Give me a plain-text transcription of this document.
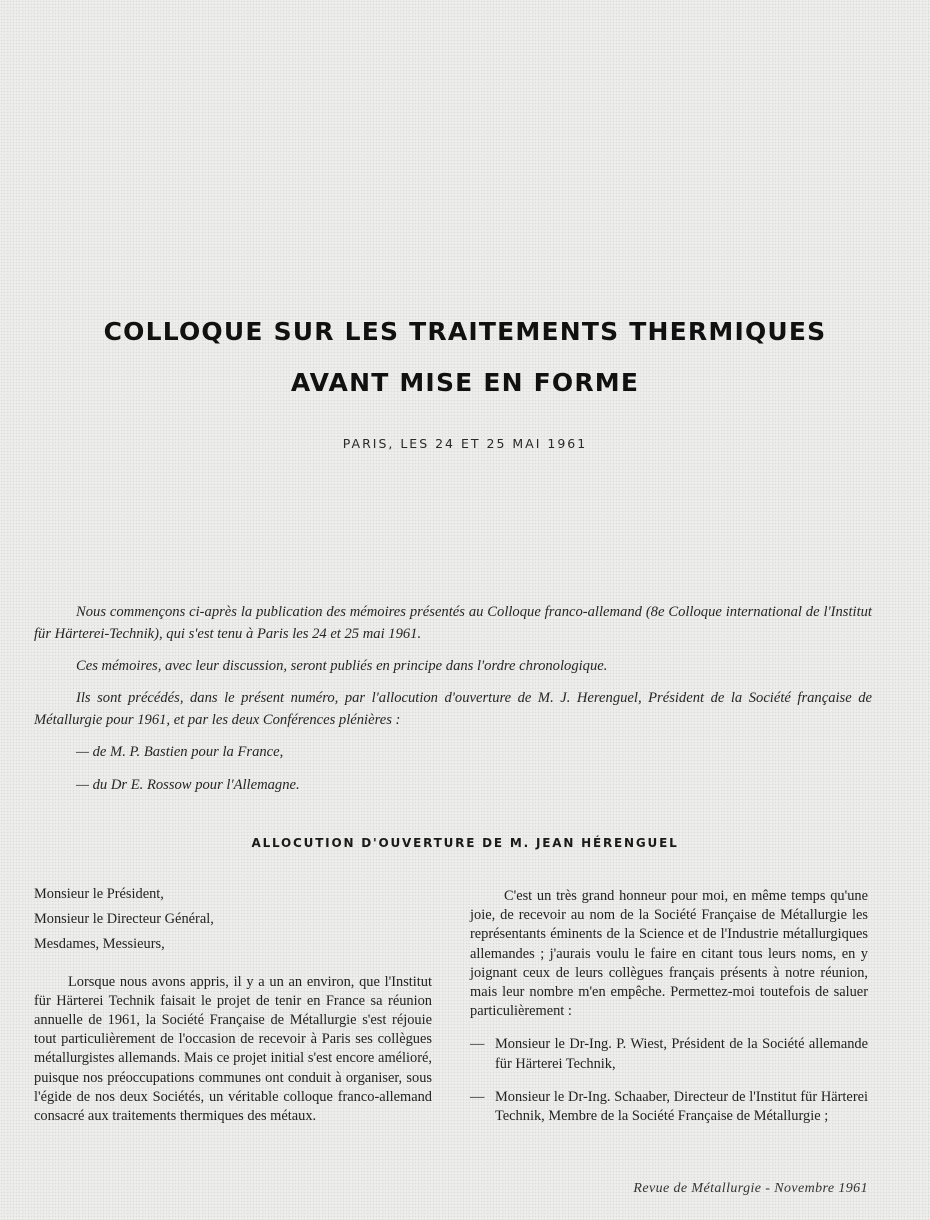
COLLOQUE SUR LES TRAITEMENTS THERMIQUES
AVANT MISE EN FORME
PARIS, LES 24 ET 25 MAI 1961

Nous commençons ci-après la publication des mémoires présentés au Colloque franco-allemand (8e Colloque international de l'Institut für Härterei-Technik), qui s'est tenu à Paris les 24 et 25 mai 1961.

Ces mémoires, avec leur discussion, seront publiés en principe dans l'ordre chronologique.

Ils sont précédés, dans le présent numéro, par l'allocution d'ouverture de M. J. Herenguel, Président de la Société française de Métallurgie pour 1961, et par les deux Conférences plénières :

— de M. P. Bastien pour la France,

— du Dr E. Rossow pour l'Allemagne.

ALLOCUTION D'OUVERTURE DE M. JEAN HÉRENGUEL

Monsieur le Président,

Monsieur le Directeur Général,

Mesdames, Messieurs,

Lorsque nous avons appris, il y a un an environ, que l'Institut für Härterei Technik faisait le projet de tenir en France sa réunion annuelle de 1961, la Société Française de Métallurgie s'est réjouie tout particulièrement de l'occasion de recevoir à Paris ses collègues métallurgistes allemands. Mais ce projet initial s'est encore amélioré, puisque nos préoccupations communes ont conduit à organiser, sous l'égide de nos deux Sociétés, un véritable colloque franco-allemand consacré aux traitements thermiques des métaux.

C'est un très grand honneur pour moi, en même temps qu'une joie, de recevoir au nom de la Société Française de Métallurgie les représentants éminents de la Science et de l'Industrie métallurgiques allemandes ; j'aurais voulu le faire en citant tous leurs noms, en y joignant ceux de leurs collègues français présents à notre réunion, mais leur nombre m'en empêche. Permettez-moi toutefois de saluer particulièrement :

— Monsieur le Dr-Ing. P. Wiest, Président de la Société allemande für Härterei Technik,

— Monsieur le Dr-Ing. Schaaber, Directeur de l'Institut für Härterei Technik, Membre de la Société Française de Métallurgie ;

Revue de Métallurgie - Novembre 1961
